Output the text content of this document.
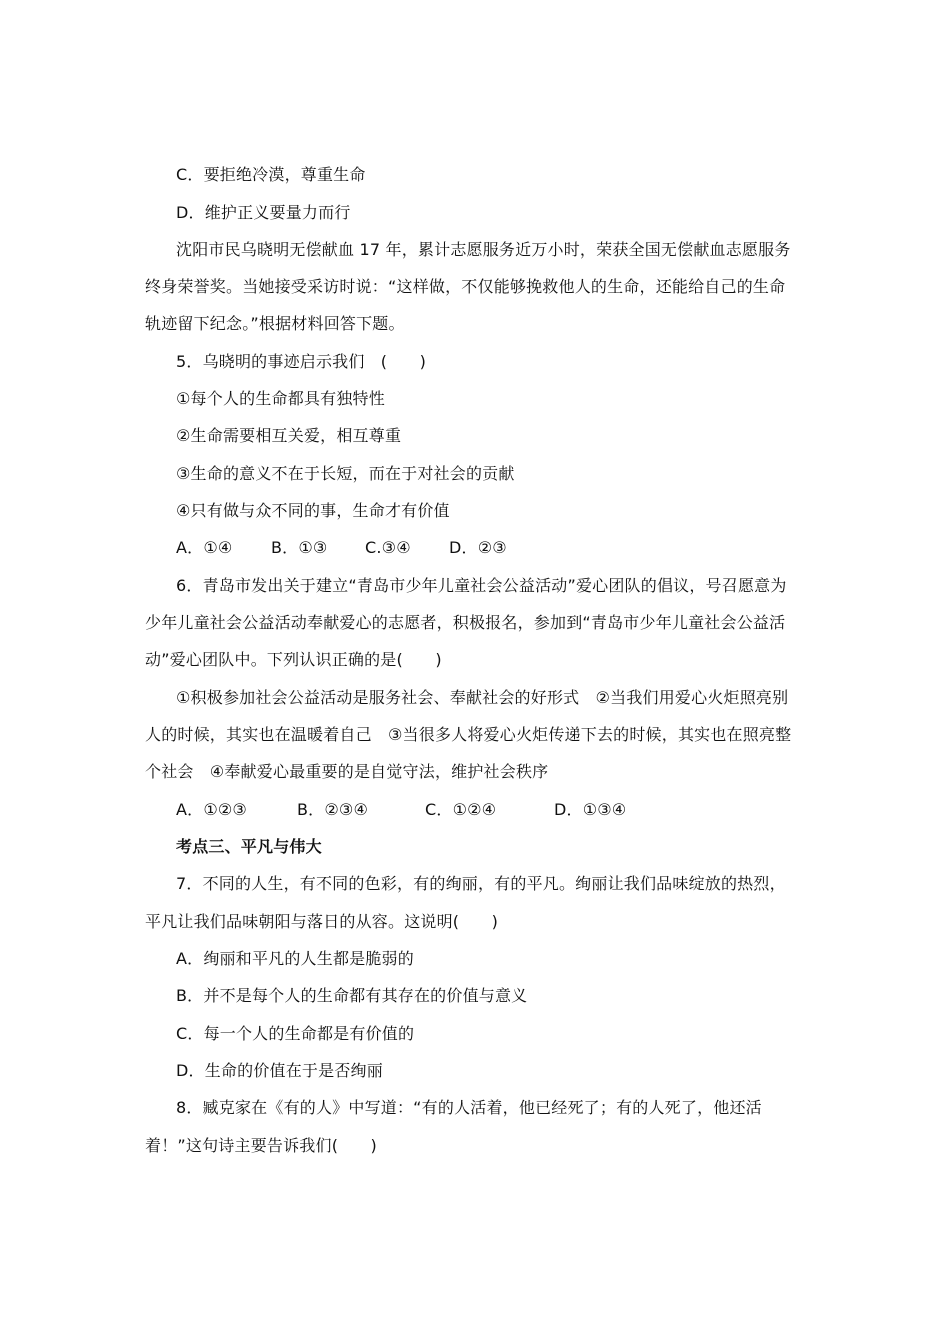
C．要拒绝冷漠，尊重生命
D．维护正义要量力而行
沈阳市民乌晓明无偿献血 17 年，累计志愿服务近万小时，荣获全国无偿献血志愿服务
终身荣誉奖。当她接受采访时说：“这样做，不仅能够挽救他人的生命，还能给自己的生命
轨迹留下纪念。”根据材料回答下题。
5．乌晓明的事迹启示我们　(　　)
①每个人的生命都具有独特性
②生命需要相互关爱，相互尊重
③生命的意义不在于长短，而在于对社会的贡献
④只有做与众不同的事，生命才有价值
A．①④ B．①③ C.③④ D．②③
6．青岛市发出关于建立“青岛市少年儿童社会公益活动”爱心团队的倡议，号召愿意为
少年儿童社会公益活动奉献爱心的志愿者，积极报名，参加到“青岛市少年儿童社会公益活
动”爱心团队中。下列认识正确的是(　　)
①积极参加社会公益活动是服务社会、奉献社会的好形式　②当我们用爱心火炬照亮别
人的时候，其实也在温暖着自己　③当很多人将爱心火炬传递下去的时候，其实也在照亮整
个社会　④奉献爱心最重要的是自觉守法，维护社会秩序
A．①②③	B．②③④	C．①②④	D．①③④
考点三、平凡与伟大
7．不同的人生，有不同的色彩，有的绚丽，有的平凡。绚丽让我们品味绽放的热烈，
平凡让我们品味朝阳与落日的从容。这说明(　　)
A．绚丽和平凡的人生都是脆弱的
B．并不是每个人的生命都有其存在的价值与意义
C．每一个人的生命都是有价值的
D．生命的价值在于是否绚丽
8．臧克家在《有的人》中写道：“有的人活着，他已经死了；有的人死了，他还活
着！”这句诗主要告诉我们(　　)
